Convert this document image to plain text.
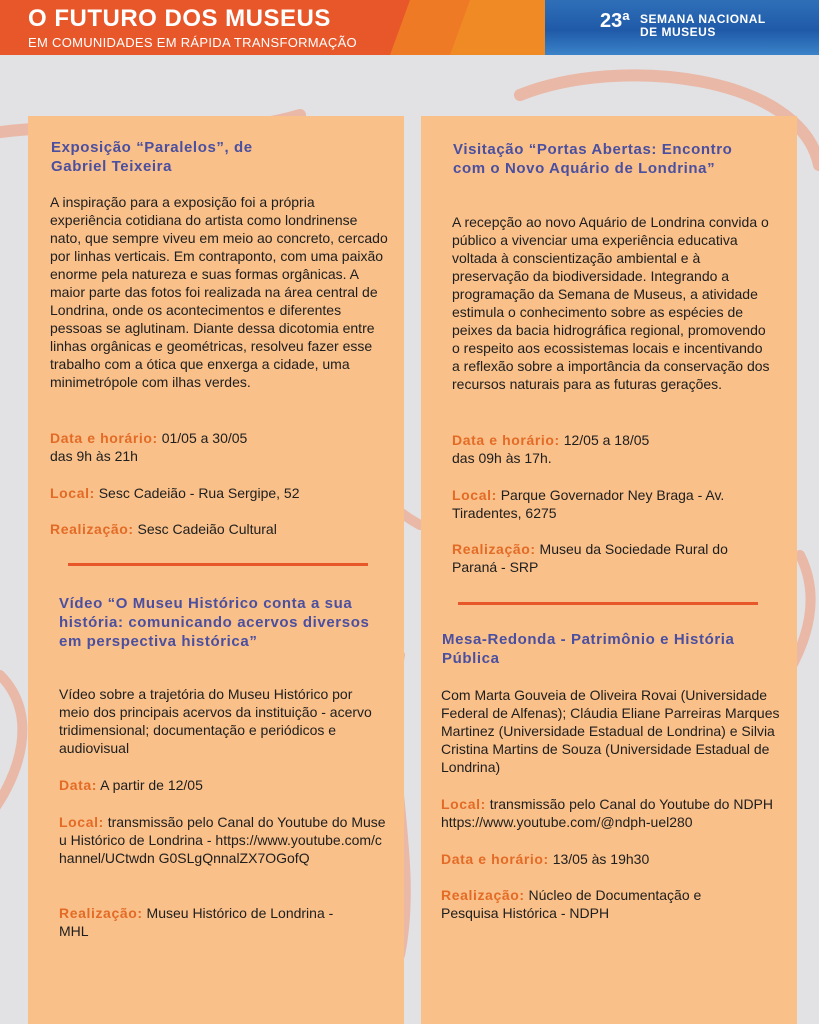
O FUTURO DOS MUSEUS
EM COMUNIDADES EM RÁPIDA TRANSFORMAÇÃO
23ª SEMANA NACIONAL
DE MUSEUS

Exposição “Paralelos”, de Gabriel Teixeira

A inspiração para a exposição foi a própria experiência cotidiana do artista como londrinense nato, que sempre viveu em meio ao concreto, cercado por linhas verticais. Em contraponto, com uma paixão enorme pela natureza e suas formas orgânicas. A maior parte das fotos foi realizada na área central de Londrina, onde os acontecimentos e diferentes pessoas se aglutinam. Diante dessa dicotomia entre linhas orgânicas e geométricas, resolveu fazer esse trabalho com a ótica que enxerga a cidade, uma minimetrópole com ilhas verdes.

Data e horário: 01/05 a 30/05

das 9h às 21h

Local: Sesc Cadeião - Rua Sergipe, 52

Realização: Sesc Cadeião Cultural

Vídeo “O Museu Histórico conta a sua história: comunicando acervos diversos em perspectiva histórica”

Vídeo sobre a trajetória do Museu Histórico por meio dos principais acervos da instituição - acervo tridimensional; documentação e periódicos e audiovisual

Data: A partir de 12/05

Local: transmissão pelo Canal do Youtube do Museu Histórico de Londrina - https://www.youtube.com/channel/UCtwdn G0SLgQnnalZX7OGofQ

Realização: Museu Histórico de Londrina - MHL

Visitação “Portas Abertas: Encontro com o Novo Aquário de Londrina”

A recepção ao novo Aquário de Londrina convida o público a vivenciar uma experiência educativa voltada à conscientização ambiental e à preservação da biodiversidade. Integrando a programação da Semana de Museus, a atividade estimula o conhecimento sobre as espécies de peixes da bacia hidrográfica regional, promovendo o respeito aos ecossistemas locais e incentivando a reflexão sobre a importância da conservação dos recursos naturais para as futuras gerações.

Data e horário: 12/05 a 18/05

das 09h às 17h.

Local: Parque Governador Ney Braga - Av. Tiradentes, 6275

Realização: Museu da Sociedade Rural do Paraná - SRP

Mesa-Redonda - Patrimônio e História Pública

Com Marta Gouveia de Oliveira Rovai (Universidade Federal de Alfenas); Cláudia Eliane Parreiras Marques Martinez (Universidade Estadual de Londrina) e Silvia Cristina Martins de Souza (Universidade Estadual de Londrina)

Local: transmissão pelo Canal do Youtube do NDPH https://www.youtube.com/@ndph-uel280

Data e horário: 13/05 às 19h30

Realização: Núcleo de Documentação e Pesquisa Histórica - NDPH
